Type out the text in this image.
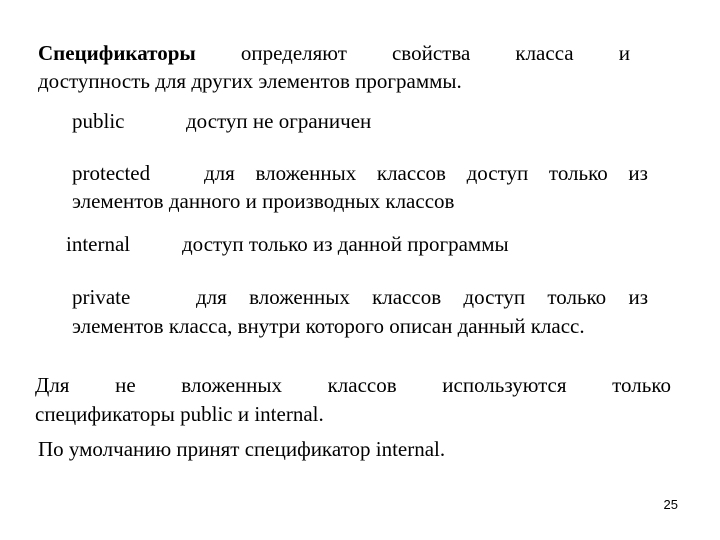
Спецификаторы определяют свойства класса и
доступность для других элементов программы.
public	доступ не ограничен
protected	для вложенных классов доступ только из
элементов данного и производных классов
internal доступ только из данной программы
private	для вложенных классов доступ только из
элементов класса, внутри которого описан данный класс.
Для не вложенных классов используются только
спецификаторы public и internal.
По умолчанию принят спецификатор internal.
25
